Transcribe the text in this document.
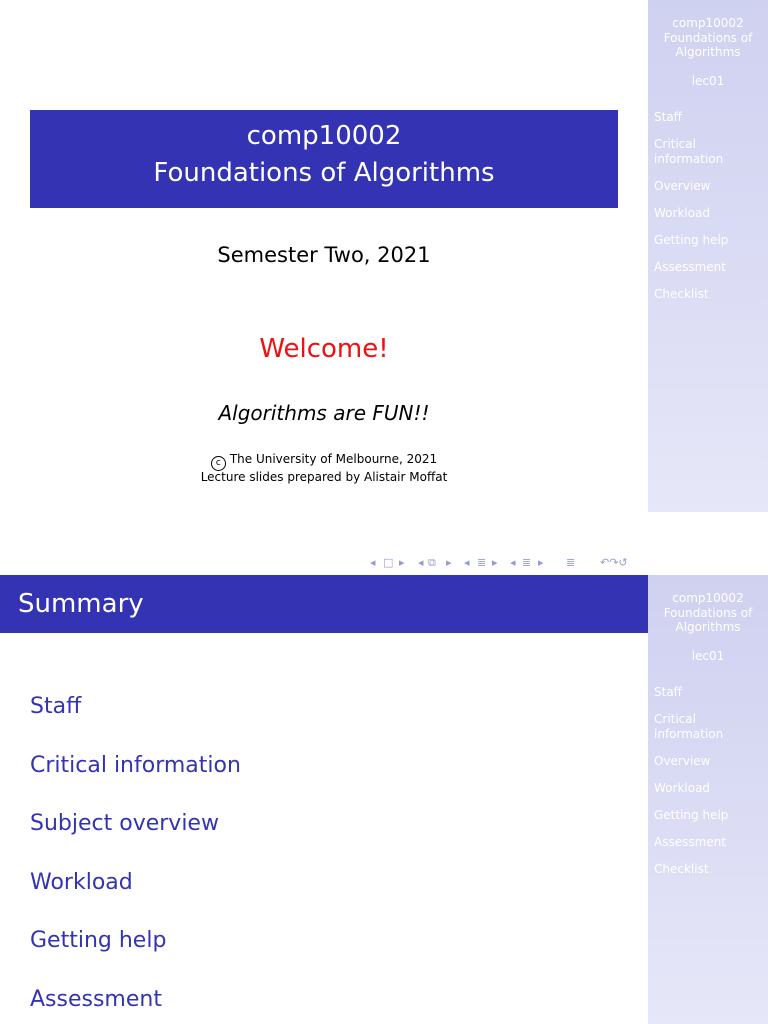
comp10002
Foundations of Algorithms
Semester Two, 2021
Welcome!
Algorithms are FUN!!
c The University of Melbourne, 2021
Lecture slides prepared by Alistair Moffat
comp10002
Foundations of
Algorithms
lec01
Staff
Critical information
Overview
Workload
Getting help
Assessment
Checklist
◂ □ ▸ ◂ ⧉ ▸ ◂ ≣ ▸ ◂ ≣ ▸ ≣ ↶↷↺
Summary
Staff
Critical information
Subject overview
Workload
Getting help
Assessment
comp10002
Foundations of
Algorithms
lec01
Staff
Critical information
Overview
Workload
Getting help
Assessment
Checklist
